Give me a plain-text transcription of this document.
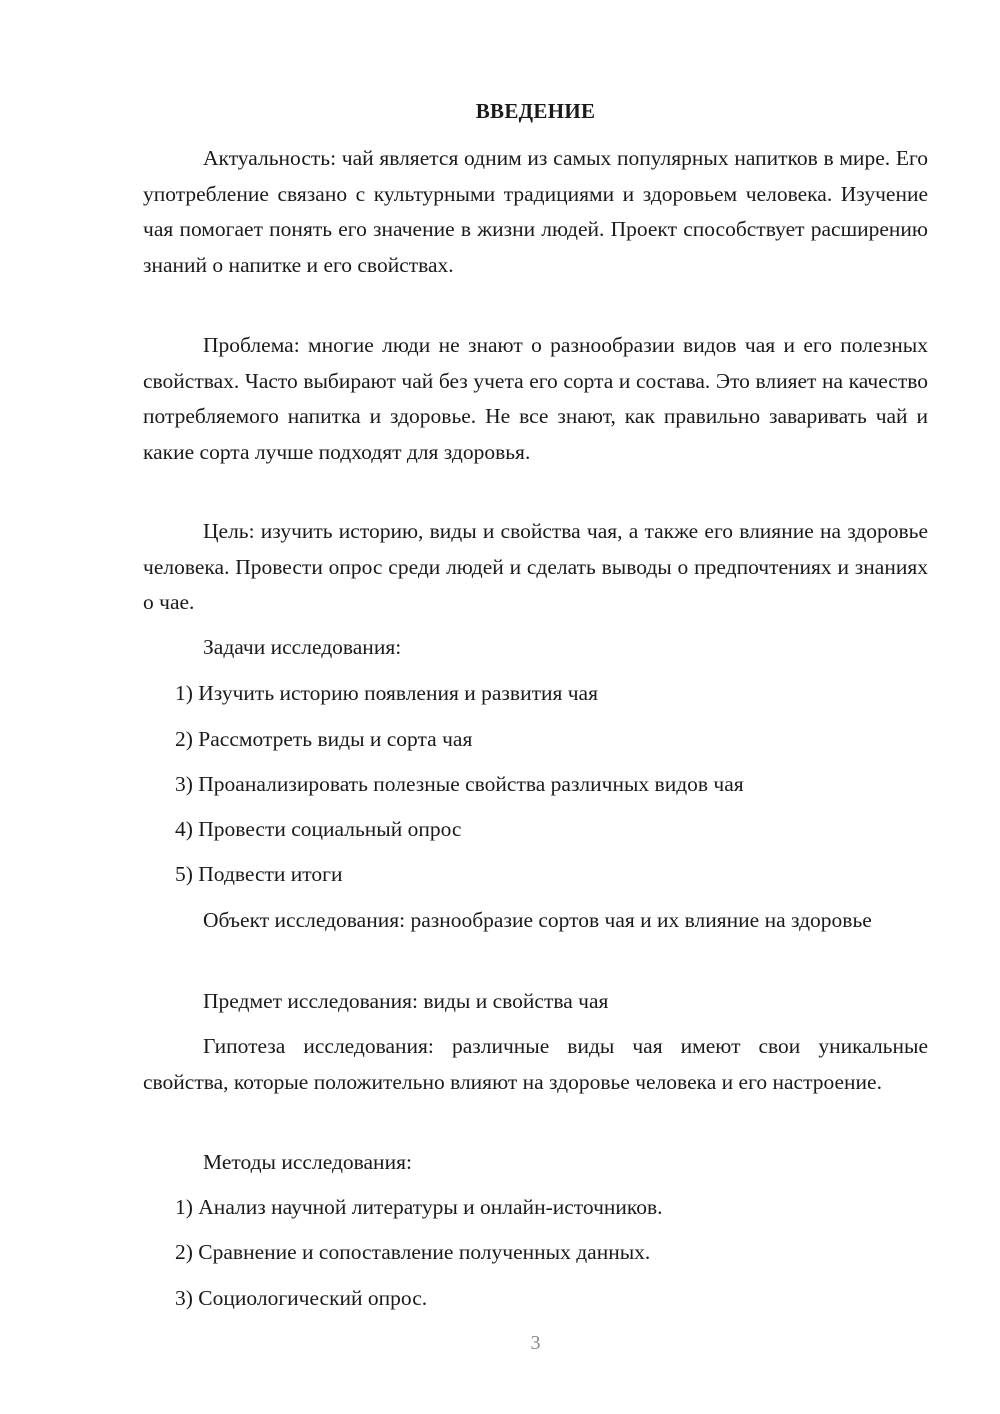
ВВЕДЕНИЕ

Актуальность: чай является одним из самых популярных напитков в мире. Его употребление связано с культурными традициями и здоровьем человека. Изучение чая помогает понять его значение в жизни людей. Проект способствует расширению знаний о напитке и его свойствах.

Проблема: многие люди не знают о разнообразии видов чая и его полезных свойствах. Часто выбирают чай без учета его сорта и состава. Это влияет на качество потребляемого напитка и здоровье. Не все знают, как правильно заваривать чай и какие сорта лучше подходят для здоровья.

Цель: изучить историю, виды и свойства чая, а также его влияние на здоровье человека. Провести опрос среди людей и сделать выводы о предпочтениях и знаниях о чае.

Задачи исследования:

1) Изучить историю появления и развития чая

2) Рассмотреть виды и сорта чая

3) Проанализировать полезные свойства различных видов чая

4) Провести социальный опрос

5) Подвести итоги

Объект исследования: разнообразие сортов чая и их влияние на здоровье

Предмет исследования: виды и свойства чая

Гипотеза исследования: различные виды чая имеют свои уникальные свойства, которые положительно влияют на здоровье человека и его настроение.

Методы исследования:

1) Анализ научной литературы и онлайн-источников.

2) Сравнение и сопоставление полученных данных.

3) Социологический опрос.

3
